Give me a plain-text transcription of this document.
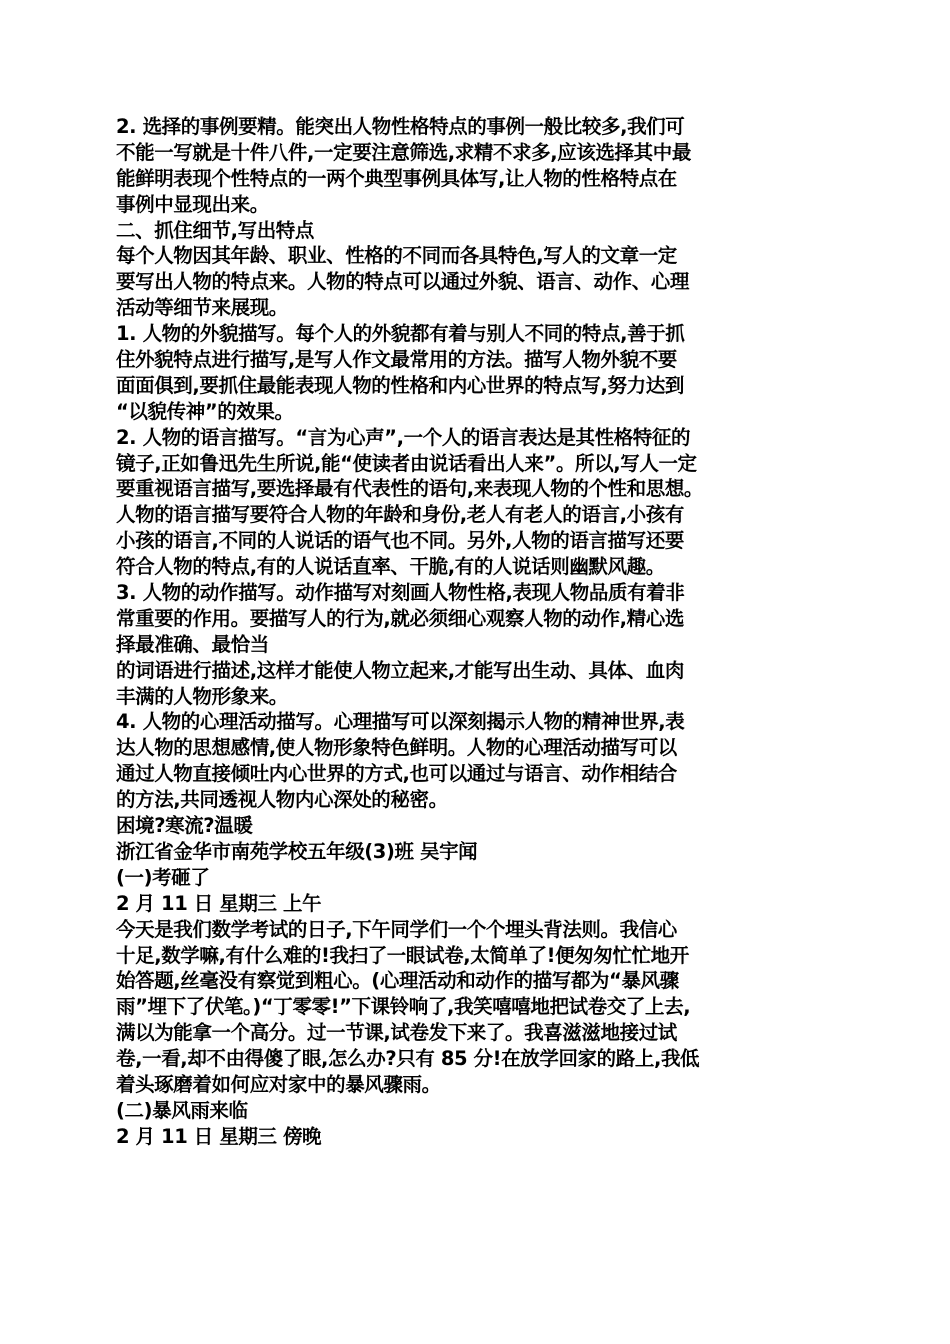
2. 选择的事例要精。能突出人物性格特点的事例一般比较多,我们可
不能一写就是十件八件,一定要注意筛选,求精不求多,应该选择其中最
能鲜明表现个性特点的一两个典型事例具体写,让人物的性格特点在
事例中显现出来。
二、抓住细节,写出特点
每个人物因其年龄、职业、性格的不同而各具特色,写人的文章一定
要写出人物的特点来。人物的特点可以通过外貌、语言、动作、心理
活动等细节来展现。
1. 人物的外貌描写。每个人的外貌都有着与别人不同的特点,善于抓
住外貌特点进行描写,是写人作文最常用的方法。描写人物外貌不要
面面俱到,要抓住最能表现人物的性格和内心世界的特点写,努力达到
“以貌传神”的效果。
2. 人物的语言描写。“言为心声”,一个人的语言表达是其性格特征的
镜子,正如鲁迅先生所说,能“使读者由说话看出人来”。所以,写人一定
要重视语言描写,要选择最有代表性的语句,来表现人物的个性和思想。
人物的语言描写要符合人物的年龄和身份,老人有老人的语言,小孩有
小孩的语言,不同的人说话的语气也不同。另外,人物的语言描写还要
符合人物的特点,有的人说话直率、干脆,有的人说话则幽默风趣。
3. 人物的动作描写。动作描写对刻画人物性格,表现人物品质有着非
常重要的作用。要描写人的行为,就必须细心观察人物的动作,精心选
择最准确、最恰当
的词语进行描述,这样才能使人物立起来,才能写出生动、具体、血肉
丰满的人物形象来。
4. 人物的心理活动描写。心理描写可以深刻揭示人物的精神世界,表
达人物的思想感情,使人物形象特色鲜明。人物的心理活动描写可以
通过人物直接倾吐内心世界的方式,也可以通过与语言、动作相结合
的方法,共同透视人物内心深处的秘密。
困境?寒流?温暖
浙江省金华市南苑学校五年级(3)班 吴宇闻
(一)考砸了
2 月 11 日 星期三 上午
今天是我们数学考试的日子,下午同学们一个个埋头背法则。我信心
十足,数学嘛,有什么难的!我扫了一眼试卷,太简单了!便匆匆忙忙地开
始答题,丝毫没有察觉到粗心。(心理活动和动作的描写都为“暴风骤
雨”埋下了伏笔。)“丁零零!”下课铃响了,我笑嘻嘻地把试卷交了上去,
满以为能拿一个高分。过一节课,试卷发下来了。我喜滋滋地接过试
卷,一看,却不由得傻了眼,怎么办?只有 85 分!在放学回家的路上,我低
着头琢磨着如何应对家中的暴风骤雨。
(二)暴风雨来临
2 月 11 日 星期三 傍晚
